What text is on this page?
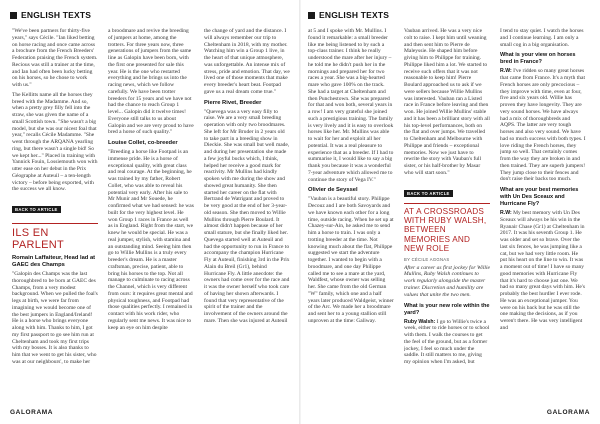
ENGLISH TEXTS

"We've been partners for thirty-five years," says Cécile. "Ian liked betting on horse racing and once came across a brochure from the French Breeders' Federation praising the French system. Recious was still a trainer at the time, and Ian had often been lucky betting on his horses, so he chose to work with us."

The Kellitts name all the horses they breed with the Madamme. And so, when a pretty grey filly fell into the straw, she was given the name of a small Scottish town. "She wasn't a big model, but she was our nicest foal that year," recalls Cécile Madamme. "She went through the ARQANA yearling ring, but there wasn't a single bid! So we kept her..." Placed in training with Yannick Fouin, Lossiemouth won with utter ease on her debut in the Prix Géographe at Auteuil – a ten-length victory – before being exported, with the success we all know.

BACK TO ARTICLE
ILS EN PARLENT
Romain Laffaiteur, Head lad at GAEC des Champs

"Galopin des Champs was the last thoroughbred to be born at GAEC des Champs, from a very modest background. When we pulled the foal's legs at birth, we were far from imagining we would become one of the best jumpers in England/Ireland! He is a horse who brings everyone along with him. Thanks to him, I got my first passport to go see him run at Cheltenham and took my first trips with my bosses. It is also thanks to him that we went to get his sister, who was at our neighbours', to make her

a broodmare and revive the breeding of jumpers at home, among the trotters. For three years now, three generations of jumpers from the same line as Galopin have been born, with the first one presented for sale this year. He is the one who restarted everything and he brings us into the racing news, which we follow carefully. We have been trotter breeders for 15 years and we have not had the chance to reach Group 1 level... Galopin did it twelve times! Everyone still talks to us about Galopin and we are very proud to have bred a horse of such quality."

Louise Collet, co-breeder

"Breeding a horse like Footpad is an immense pride. He is a horse of exceptional quality, with great class and real courage. At the beginning, he was trained by my father, Robert Collet, who was able to reveal his potential very early. After his sale to Mr Munir and Mr Souede, he confirmed what we had sensed: he was built for the very highest level. He won Group 1 races in France as well as in England. Right from the start, we knew he would be special. He was a real jumper, stylish, with stamina and an outstanding mind. Seeing him then go to Willie Mullins is a truly every breeder's dream. He is a master craftsman, precise, patient, able to bring his horses to the top. Not all manage to culminate to racing across the Channel, which is very different from ours: it requires great mental and physical toughness, and Footpad had those qualities perfectly. I remained in contact with his work rider, who regularly sent me news. It was nice to keep an eye on him despite

the change of yard and the distance. I will always remember our trip to Cheltenham in 2018, with my mother. Watching him win a Group 1 live, in the heart of that unique atmosphere, was unforgettable. An intense mix of stress, pride and emotion. That day, we lived one of those moments that make every breeder's heart beat. Footpad gave us a real dream come true."

Pierre Rivet, Breeder

"Quevega was a very easy filly to raise. We are a very small breeding operation with only two broodmares. She left for Mr Bruder in 2 years old to take part in a breeding show in Dieckie. She was small but well made, and during her presentation she made a few joyful bucks which, I think, helped her receive a good mark for reactivity. Mr Mullins had kindly spoken with me during the show and showed great humanity. She then started her career on the flat with Bertrand de Watrigant and proved to be very good at the end of her 3-year-old season. She then moved to Willie Mullins through Pierre Boulard. It almost didn't happen because of her small stature, but she finally liked her. Quevega started well at Auteuil and had the opportunity to run in France to accompany the champion Hurricane Fly at Auteuil, finishing 3rd in the Prix Alain du Breil (Gr1), behind Hurricane Fly. A little anecdote: the owners had come over for the race and it was the owner herself who took care of having her shown afterwards. I found that very representative of the spirit of the trainer and the involvement of the owners around the mare. Then she was injured at Auteuil

GALORAMA
ENGLISH TEXTS

at 5 and I spoke with Mr. Mullins. I found it remarkable: a small breeder like me being listened to by such a top-class trainer. I think he really understood the mare after her injury – he told me he didn't push her in the mornings and prepared her for two races a year. She was a big-hearted mare who gave 100% on the track. She had a target at Cheltenham and then Punchestown. She was prepared for that and won both, several years in a row! I am very grateful she joined such a prestigious training. The family is very lively and it is easy to overlook horses like her. Mr. Mullins was able to wait for her and exploit all her potential. It was a real pleasure to experience that as a breeder. If I had to summarise it, I would like to say a big thank you because it was a wonderful 7-year adventure which allowed me to continue the story of Vega IV."

Olivier de Seyssel

"Vauban is a beautiful story. Philippe Decouz and I are both Savoyards and we have known each other for a long time, outside racing. When he set up at Chazey-sur-Ain, he asked me to send him a horse to train. I was only a trotting breeder at the time. Not knowing much about the flat, Philippe suggested we start the adventure together. I wanted to begin with a broodmare, and one day Philippe called me to see a mare at the yard, Waldfest, whose owner was selling her. She came from the old German "W" family, which one and a half years later produced Waldgeist, winner of the Arc. We made her a broodmare and sent her to a young stallion still unproven at the time: Galiway.

Vauban arrived. He was a very nice colt to raise. I kept him until weaning and then sent him to Pierre de Maleyssie. He shaped him before giving him to Philippe for training. Philippe liked him a lot. We started to receive such offers that it was not reasonable to keep him! Pierre Boulard approached us to ask if we were sellers because Willie Mullins was interested. Vauban ran a Listed race in France before leaving and then won. He joined Willie Mullins' stable and it has been a brilliant story with all his top-level performances, both on the flat and over jumps. We travelled to Cheltenham and Melbourne with Philippe and friends – exceptional memories. Now we just have to rewrite the story with Vauban's full sister, or his half-brother by Masar who will start soon."

BACK TO ARTICLE
AT A CROSSROADS WITH RUBY WALSH, BETWEEN MEMORIES AND NEW ROLE
BY CÉCILE AGGNAS
After a career as first jockey for Willie Mullins, Ruby Walsh continues to work regularly alongside the master trainer. Discretion and humility are values that unite the two men.
What is your new role within the yard?

Ruby Walsh: I go to Willie's twice a week, either to ride horses or to school with them. I walk the courses to get the feel of the ground, but as a former jockey, I feel so much under the saddle. It still matters to me, giving my opinion when I'm asked, but

I tend to stay quiet. I watch the horses and I continue learning. I am only a small cog in a big organisation.

What is your view on horses bred in France?

R.W: I've ridden so many great horses that came from France. It's a myth that French horses are only precocious – they improve with time, even at four, five and six years old. Willie has proven they have longevity. They are very sound horses. We have always had a mix of thoroughbreds and AQPS. The latter are very tough horses and also very sound. We have had so much success with both types. I love riding the French horses, they jump so well. That certainly comes from the way they are broken in and then trained. They are superb jumpers! They jump close to their fences and don't raise their backs too much.

What are your best memories with Un Des Sceaux and Hurricane Fly?

R.W: My best memory with Un Des Sceaux will always be his win in the Ryanair Chase (Gr1) at Cheltenham in 2017. It was his seventh Group 1. He was older and set so brave. Over the last six fences, he was jumping like a cat, but we had very little room. He put his heart on the line to win. It was a moment out of time! I have so many good memories with Hurricane Fly that it's hard to choose just one. We had so many great days with him. He's probably the best hurdler I ever rode. He was an exceptional jumper. You were on his back but he was still the one making the decisions, as if you weren't there. He was very intelligent and

GALORAMA
